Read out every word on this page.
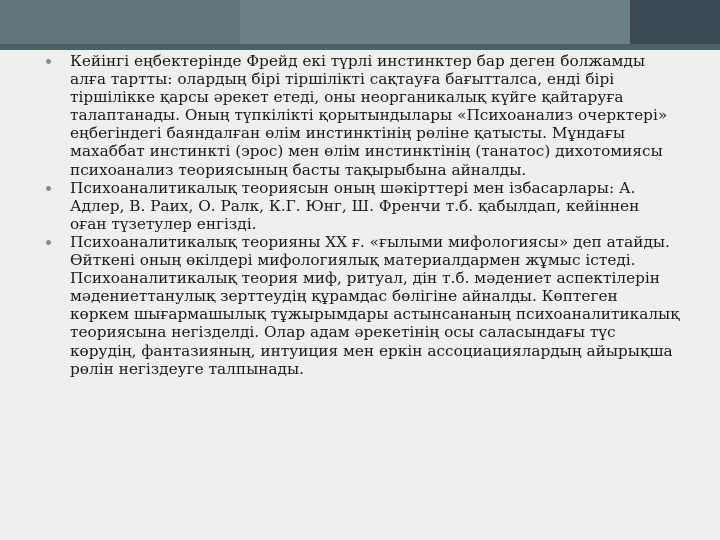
Кейінгі еңбектерінде Фрейд екі түрлі инстинктер бар деген болжамды алға тартты: олардың бірі тіршілікті сақтауға бағытталса, енді бірі тіршілікке қарсы әрекет етеді, оны неорганикалық күйге қайтаруға талаптанады. Оның түпкілікті қорытындылары «Психоанализ очерктері» еңбегіндегі баяндалған өлім инстинктінің рөліне қатысты. Мұндағы махаббат инстинкті (эрос) мен өлім инстинктінің (танатос) дихотомиясы психоанализ теориясының басты тақырыбына айналды.
Психоаналитикалық теориясын оның шәкірттері мен ізбасарлары: А. Адлер, В. Раих, О. Ралк, К.Г. Юнг, Ш. Френчи т.б. қабылдап, кейіннен оған түзетулер енгізді.
Психоаналитикалық теорияны ХХ ғ. «ғылыми мифологиясы» деп атайды. Өйткені оның өкілдері мифологиялық материалдармен жұмыс істеді. Психоаналитикалық теория миф, ритуал, дін т.б. мәдениет аспектілерін мәдениеттанулық зерттеудің құрамдас бөлігіне айналды. Көптеген көркем шығармашылық тұжырымдары астынсананың психоаналитикалық теориясына негізделді. Олар адам әрекетінің осы саласындағы түс көрудің, фантазияның, интуиция мен еркін ассоциациялардың айырықша рөлін негіздеуге талпынады.
